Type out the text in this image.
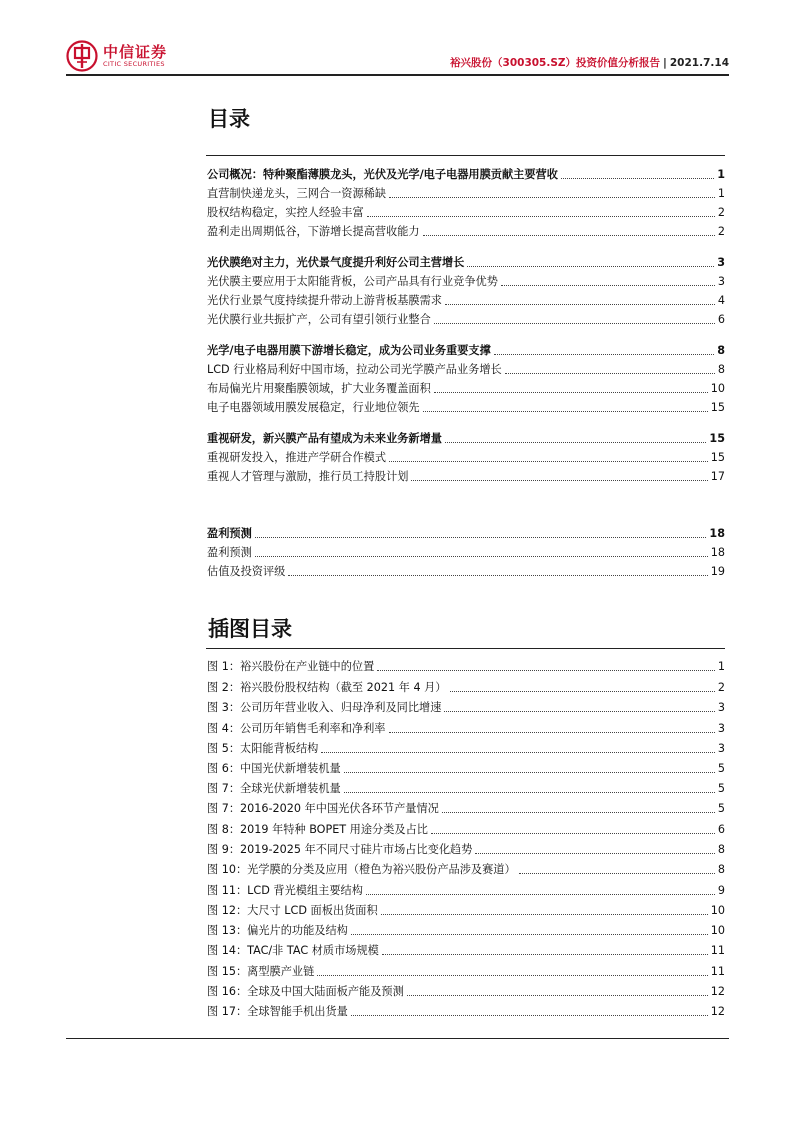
中信证券
CITIC SECURITIES	裕兴股份（300305.SZ）投资价值分析报告 | 2021.7.14
目录
公司概况：特种聚酯薄膜龙头，光伏及光学/电子电器用膜贡献主要营收	1
直营制快递龙头，三网合一资源稀缺	1
股权结构稳定，实控人经验丰富	2
盈利走出周期低谷，下游增长提高营收能力	2
光伏膜绝对主力，光伏景气度提升利好公司主营增长	3
光伏膜主要应用于太阳能背板，公司产品具有行业竞争优势	3
光伏行业景气度持续提升带动上游背板基膜需求	4
光伏膜行业共振扩产，公司有望引领行业整合	6
光学/电子电器用膜下游增长稳定，成为公司业务重要支撑	8
LCD 行业格局利好中国市场，拉动公司光学膜产品业务增长	8
布局偏光片用聚酯膜领域，扩大业务覆盖面积	10
电子电器领域用膜发展稳定，行业地位领先	15
重视研发，新兴膜产品有望成为未来业务新增量	15
重视研发投入，推进产学研合作模式	15
重视人才管理与激励，推行员工持股计划	17
盈利预测	18
盈利预测	18
估值及投资评级	19
插图目录
图 1：裕兴股份在产业链中的位置	1
图 2：裕兴股份股权结构（截至 2021 年 4 月）	2
图 3：公司历年营业收入、归母净利及同比增速	3
图 4：公司历年销售毛利率和净利率	3
图 5：太阳能背板结构	3
图 6：中国光伏新增装机量	5
图 7：全球光伏新增装机量	5
图 7：2016-2020 年中国光伏各环节产量情况	5
图 8：2019 年特种 BOPET 用途分类及占比	6
图 9：2019-2025 年不同尺寸硅片市场占比变化趋势	8
图 10：光学膜的分类及应用（橙色为裕兴股份产品涉及赛道）	8
图 11：LCD 背光模组主要结构	9
图 12：大尺寸 LCD 面板出货面积	10
图 13：偏光片的功能及结构	10
图 14：TAC/非 TAC 材质市场规模	11
图 15：离型膜产业链	11
图 16：全球及中国大陆面板产能及预测	12
图 17：全球智能手机出货量	12
